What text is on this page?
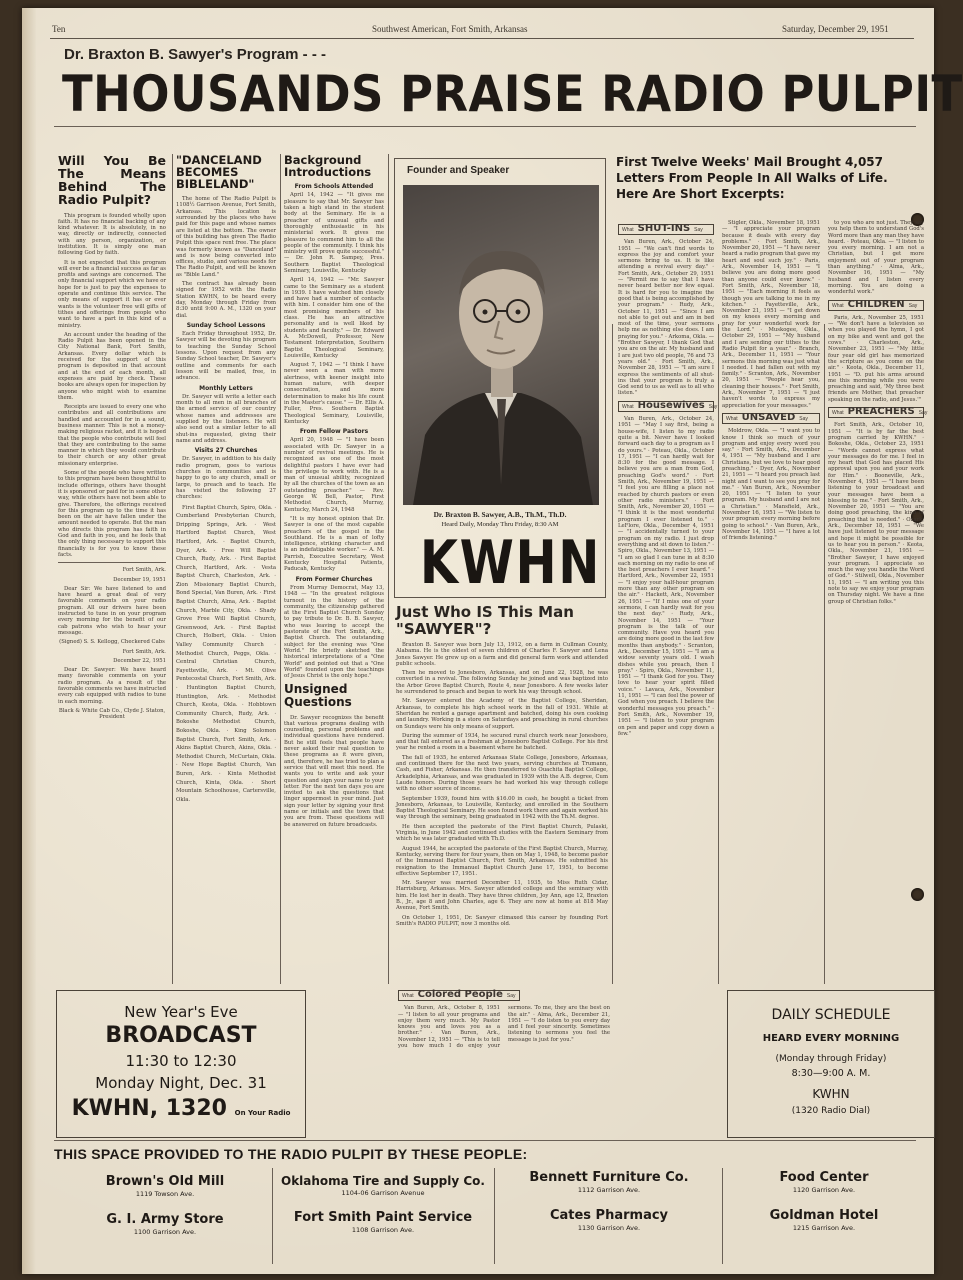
Ten	Southwest American, Fort Smith, Arkansas	Saturday, December 29, 1951
Dr. Braxton B. Sawyer's Program - - -
THOUSANDS PRAISE RADIO PULPIT
Will You Be The Means Behind The Radio Pulpit?

This program is founded wholly upon faith. It has no financial backing of any kind whatever. It is absolutely, in no way, directly or indirectly, connected with any person, organization, or institution. It is simply one man following God by faith.

It is not expected that this program will ever be a financial success as far as profits and savings are concerned. The only financial support which we have or hope for is just to pay the expenses to operate and continue this service. The only means of support it has or ever wants is the volunteer free will gifts of tithes and offerings from people who want to have a part in this kind of a ministry.

An account under the heading of the Radio Pulpit has been opened in the City National Bank, Fort Smith, Arkansas. Every dollar which is received for the support of this program is deposited in that account and at the end of each month, all expenses are paid by check. These books are always open for inspection by anyone who might wish to examine them.

Receipts are issued to every one who contributes and all contributions are handled and accounted for in a sound, business manner. This is not a money-making religious racket, and it is hoped that the people who contribute will feel that they are contributing to the same manner in which they would contribute to their church or any other great missionary enterprise.

Some of the people who have written to this program have been thoughtful to include offerings, others have thought it is sponsored or paid for in some other way, while others have not been able to give. Therefore, the offerings received for this program up to the time it has been on the air have fallen under the amount needed to operate. But the man who directs this program has faith in God and faith in you, and he feels that the only thing necessary to support this financially is for you to know these facts.

Fort Smith, Ark.

December 19, 1951

Dear Sir: We have listened to and have heard a great deal of very favorable comments on your radio program. All our drivers have been instructed to tune in on your program every morning for the benefit of our cab patrons who wish to hear your message.

(Signed) S. S. Kellogg, Checkered Cabs

Fort Smith, Ark.

December 22, 1951

Dear Dr. Sawyer: We have heard many favorable comments on your radio program. As a result of the favorable comments we have instructed every cab equipped with radios to tune in each morning.

Black & White Cab Co., Clyde J. Staton, President

"DANCELAND BECOMES BIBLELAND"

The home of The Radio Pulpit is 1108½ Garrison Avenue, Fort Smith, Arkansas. This location is surrounded by the places who have paid for this page and whose names are listed at the bottom. The owner of this building has given The Radio Pulpit this space rent free. The place was formerly known as "Danceland" and is now being converted into offices, studio, and various needs for The Radio Pulpit, and will be known as "Bible Land."

The contract has already been signed for 1952 with the Radio Station KWHN, to be heard every day, Monday through Friday from 8:30 until 9:00 A. M., 1320 on your dial.

Sunday School Lessons

Each Friday throughout 1952, Dr. Sawyer will be devoting his program to teaching the Sunday School lessons. Upon request from any Sunday School teacher, Dr. Sawyer's outline and comments for each lesson will be mailed, free, in advance.

Monthly Letters

Dr. Sawyer will write a letter each month to all men in all branches of the armed service of our country whose names and addresses are supplied by the listeners. He will also send out a similar letter to all shut-ins requested, giving their name and address.

Visits 27 Churches

Dr. Sawyer, in addition to his daily radio program, goes to various churches in communities and is happy to go to any church, small or large, to preach and to teach. He has visited the following 27 churches:

First Baptist Church, Spiro, Okla. · Cumberland Presbyterian Church, Dripping Springs, Ark. · West Hartford Baptist Church, West Hartford, Ark. · Baptist Church, Dyer, Ark. · Free Will Baptist Church, Rudy, Ark. · First Baptist Church, Hartford, Ark. · Vesta Baptist Church, Charleston, Ark. · Zion Missionary Baptist Church, Bond Special, Van Buren, Ark. · First Baptist Church, Alma, Ark. · Baptist Church, Marble City, Okla. · Shady Grove Free Will Baptist Church, Greenwood, Ark. · First Baptist Church, Holbert, Okla. · Union Valley Community Church · Methodist Church, Peggs, Okla. · Central Christian Church, Fayetteville, Ark. · Mt. Olive Pentecostal Church, Fort Smith, Ark. · Huntington Baptist Church, Huntington, Ark. · Methodist Church, Keota, Okla. · Hobbtown Community Church, Rudy, Ark. · Bokoshe Methodist Church, Bokoshe, Okla. · King Solomon Baptist Church, Fort Smith, Ark. · Akins Baptist Church, Akins, Okla. · Methodist Church, McCurtain, Okla. · New Hope Baptist Church, Van Buren, Ark. · Kinta Methodist Church, Kinta, Okla. · Short Mountain Schoolhouse, Cartersville, Okla.

Background Introductions
From Schools Attended

April 14, 1942 — "It gives me pleasure to say that Mr. Sawyer has taken a high stand in the student body at the Seminary. He is a preacher of unusual gifts and thoroughly enthusiastic in his ministerial work. It gives me pleasure to commend him to all the people of the community. I think his ministry will prove quite successful." — Dr. John R. Sampey, Pres. Southern Baptist Theological Seminary, Louisville, Kentucky

April 14, 1942 — "Mr. Sawyer came to the Seminary as a student in 1939. I have watched him closely and have had a number of contacts with him. I consider him one of the most promising members of his class. He has an attractive personality and is well liked by students and faculty." — Dr. Edward A. McDowell, Professor, New Testament Interpretation, Southern Baptist Theological Seminary, Louisville, Kentucky

August 7, 1942 — "I think I have never seen a man with more alertness, with keener insight into human nature, with deeper consecration, and more determination to make his life count in the Master's cause." — Dr. Ellis A. Fuller, Pres. Southern Baptist Theological Seminary, Louisville, Kentucky

From Fellow Pastors

April 20, 1948 — "I have been associated with Dr. Sawyer in a number of revival meetings. He is recognized as one of the most delightful pastors I have ever had the privilege to work with. He is a man of unusual ability, recognized by all the churches of the town as an outstanding preacher." — Rev. George W. Bell, Pastor, First Methodist Church, Murray, Kentucky, March 24, 1948

"It is my honest opinion that Dr. Sawyer is one of the most capable preachers of the gospel in the Southland. He is a man of lofty intelligence, striking character and is an indefatigable worker." — A. M. Parrish, Executive Secretary, West Kentucky Hospital Patients, Paducah, Kentucky

From Former Churches

From Murray Democrat, May 13, 1948 — "In the greatest religious turnout in the history of the community, the citizenship gathered at the First Baptist Church Sunday to pay tribute to Dr. B. B. Sawyer, who was leaving to accept the pastorate of the Fort Smith, Ark., Baptist Church. The outstanding subject for the evening was "One World." He briefly sketched the historical interpretations of a "One World" and pointed out that a "One World" founded upon the teachings of Jesus Christ is the only hope."

Unsigned Questions

Dr. Sawyer recognizes the benefit that various programs dealing with counseling, personal problems and individual questions have rendered. But he still feels that people have never asked their real question to these programs as it were given, and, therefore, he has tried to plan a service that will meet this need. He wants you to write and ask your question and sign your name to your letter. For the next ten days you are invited to ask the questions that linger uppermost in your mind. Just sign your letter by signing your first name or initials and the town that you are from. These questions will be answered on future broadcasts.

Founder and Speaker
Dr. Braxton B. Sawyer, A.B., Th.M., Th.D.
Heard Daily, Monday Thru Friday, 8:30 AM
KWHN
Just Who IS This Man "SAWYER"?

Braxton B. Sawyer was born July 13, 1912, on a farm in Cullman County, Alabama. He is the oldest of seven children of Charles F. Sawyer and Lena Jones Sawyer. He grew up on a farm and did general farm work and attended public schools.

Then he moved to Jonesboro, Arkansas, and on June 22, 1928, he was converted in a revival. The following Sunday he joined and was baptized into the Arbor Grove Baptist Church, Route 4, near Jonesboro. A few weeks later he surrendered to preach and began to work his way through school.

Mr. Sawyer entered the Academy of the Baptist College, Sheridan, Arkansas, to complete his high school work in the fall of 1931. While at Sheridan he rented a garage apartment and batched, doing his own cooking and laundry. Working in a store on Saturdays and preaching in rural churches on Sundays were his only means of support.

During the summer of 1934, he secured rural church work near Jonesboro, and that fall entered as a freshman at Jonesboro Baptist College. For his first year he rented a room in a basement where he batched.

The fall of 1935, he entered Arkansas State College, Jonesboro, Arkansas, and continued there for the next two years, serving churches at Trumann, Cash, and Fisher, Arkansas. He then transferred to Ouachita Baptist College, Arkadelphia, Arkansas, and was graduated in 1939 with the A.B. degree, Cum Laude honors. During those years he had worked his way through college with no other source of income.

September 1939, found him with $16.00 in cash, he bought a ticket from Jonesboro, Arkansas, to Louisville, Kentucky, and enrolled in the Southern Baptist Theological Seminary. He soon found work there and again worked his way through the seminary, being graduated in 1942 with the Th.M. degree.

He then accepted the pastorate of the First Baptist Church, Pulaski, Virginia, in June 1942 and continued studies with the Eastern Seminary from which he was later graduated with Th.D.

August 1944, he accepted the pastorate of the First Baptist Church, Murray, Kentucky, serving there for four years, then on May 1, 1948, to become pastor of the Immanuel Baptist Church, Fort Smith, Arkansas. He submitted his resignation to the Immanuel Baptist Church June 17, 1951, to become effective September 17, 1951.

Mr. Sawyer was married December 11, 1935, to Miss Ruth Cidar, Harrisburg, Arkansas. Mrs. Sawyer attended college and the seminary with him. He lost her in death. They have three children, Joy Ann, age 12, Braxton B., Jr., age 8 and John Charles, age 6. They are now at home at 818 May Avenue, Fort Smith.

On October 1, 1951, Dr. Sawyer climaxed this career by founding Fort Smith's RADIO PULPIT, now 3 months old.

First Twelve Weeks' Mail Brought 4,057 Letters From People In All Walks of Life. Here Are Short Excerpts:
What SHUT-INS Say

Van Buren, Ark., October 24, 1951 — "We can't find words to express the joy and comfort your sermons bring to us. It is like attending a revival every day." · Fort Smith, Ark., October 29, 1951 — "Permit me to say that I have never heard better nor few equal. It is hard for you to imagine the good that is being accomplished by your program." · Rudy, Ark., October 11, 1951 — "Since I am not able to get out and am in bed most of the time, your sermons help me as nothing else does. I am praying for you." · Arkoma, Okla. — "Brother Sawyer, I thank God that you are on the air. My husband and I are just two old people, 76 and 73 years old." · Fort Smith, Ark., November 28, 1951 — "I am sure I express the sentiments of all shut-ins that your program is truly a God send to us as well as to all who listen."

What Housewives Say

Van Buren, Ark., October 24, 1951 — "May I say first, being a house-wife, I listen to my radio quite a bit. Never have I looked forward each day to a program as I do yours." · Poteau, Okla., October 17, 1951 — "I can hardly wait for 8:30 for the good message. I believe you are a man from God, preaching God's word." · Fort Smith, Ark., November 19, 1951 — "I feel you are filling a place not reached by church pastors or even other radio ministers." · Fort Smith, Ark., November 20, 1951 — "I think it is the most wonderful program I ever listened to." · LeFlore, Okla., December 4, 1951 — "I accidentally turned to your program on my radio. I just drop everything and sit down to listen." · Spiro, Okla., November 13, 1951 — "I am so glad I can tune in at 8:30 each morning on my radio to one of the best preachers I ever heard." · Hartford, Ark., November 22, 1951 — "I enjoy your half-hour program more than any other program on the air." · Hackett, Ark., November 26, 1951 — "If I miss one of your sermons, I can hardly wait for you the next day." · Rudy, Ark., November 14, 1951 — "Your program is the talk of our community. Have you heard you are doing more good in the last few months than anybody." · Scranton, Ark., December 15, 1951 — "I am a widow seventy years old. I wash dishes while you preach, then I pray." · Spiro, Okla., November 11, 1951 — "I thank God for you. They love to hear your spirit filled voice." · Lavaca, Ark., November 11, 1951 — "I can feel the power of God when you preach. I believe the wonderful messages you preach." · Fort Smith, Ark., November 19, 1951 — "I listen to your program on pen and paper and copy down a few."

Stigler, Okla., November 18, 1951 — "I appreciate your program because it deals with every day problems." · Fort Smith, Ark., November 20, 1951 — "I have never heard a radio program that gave my heart and soul such joy." · Paris, Ark., November 14, 1951 — "I believe you are doing more good than anyone could ever know." · Fort Smith, Ark., November 18, 1951 — "Each morning it feels as though you are talking to me in my kitchen." · Fayetteville, Ark., November 21, 1951 — "I get down on my knees every morning and pray for your wonderful work for the Lord." · Muskogee, Okla., October 29, 1951 — "My husband and I are sending our tithes to the Radio Pulpit for a year." · Branch, Ark., December 11, 1951 — "Your sermons this morning was just what I needed. I had fallen out with my family." · Scranton, Ark., November 20, 1951 — "People hear you, cleaning their houses." · Fort Smith, Ark., November 7, 1951 — "I just haven't words to express my appreciation for your messages."

What UNSAVED Say

Moldrow, Okla. — "I want you to know I think so much of your program and enjoy every word you say." · Fort Smith, Ark., December 4, 1951 — "My husband and I are Christians, but we love to hear good preaching." · Dyer, Ark., November 21, 1951 — "I heard you preach last night and I want to see you pray for me." · Van Buren, Ark., November 20, 1951 — "I listen to your program. My husband and I are not a Christian." · Mansfield, Ark., November 16, 1951 — "We listen to your program every morning before going to school." · Van Buren, Ark., November 14, 1951 — "I have a lot of friends listening."

to you who are not just. They say you help them to understand God's Word more than any man they have heard. · Poteau, Okla. — "I listen to you every morning. I am not a Christian, but I get more enjoyment out of your program than anything." · Alma, Ark., November 16, 1951 — "My husband and I listen every morning. You are doing a wonderful work."

What CHILDREN Say

Paris, Ark., November 25, 1951 — "We don't have a television so when you played the hymn, I got on my bike and went and got the cows." · Charleston, Ark., November 23, 1951 — "My little four year old girl has memorized the scripture as you come on the air." · Keota, Okla., December 11, 1951 — "D. put his arms around me this morning while you were preaching and said, 'My three best friends are Mother, that preacher speaking on the radio, and Jesus.'"

What PREACHERS Say

Fort Smith, Ark., October 10, 1951 — "It is by far the best program carried by KWHN." · Bokoshe, Okla., October 23, 1951 — "Words cannot express what your messages do for me. I feel in my heart that God has placed His approval upon you and your work for Him." · Booneville, Ark., November 4, 1951 — "I have been listening to your broadcast and your messages have been a blessing to me." · Fort Smith, Ark., November 20, 1951 — "You are doing good preaching, the kind of preaching that is needed." · Ozark, Ark., December 18, 1951 — "We have just listened to your message and hope it might be possible for us to hear you in person." · Keota, Okla., November 21, 1951 — "Brother Sawyer, I have enjoyed your program. I appreciate so much the way you handle the Word of God." · Stilwell, Okla., November 11, 1951 — "I am writing you this note to say we enjoy your program on Thursday night. We have a fine group of Christian folks."

What Colored People Say

Van Buren, Ark., October 8, 1951 — "I listen to all your programs and enjoy them very much. My Pastor knows you and loves you as a brother." · Van Buren, Ark., November 12, 1951 — "This is to tell you how much I do enjoy your sermons. To me, they are the best on the air." · Alma, Ark., December 21, 1951 — "I do listen to you every day and I feel your sincerity. Sometimes listening to sermons you feel the message is just for you."

New Year's Eve
BROADCAST
11:30 to 12:30
Monday Night, Dec. 31
KWHN, 1320 On Your Radio
DAILY SCHEDULE
HEARD EVERY MORNING
(Monday through Friday)
8:30—9:00 A. M.
KWHN
(1320 Radio Dial)
THIS SPACE PROVIDED TO THE RADIO PULPIT BY THESE PEOPLE:
Brown's Old Mill
1119 Towson Ave.
Oklahoma Tire and Supply Co.
1104-06 Garrison Avenue
Bennett Furniture Co.
1112 Garrison Ave.
Food Center
1120 Garrison Ave.
G. I. Army Store
1100 Garrison Ave.
Fort Smith Paint Service
1108 Garrison Ave.
Cates Pharmacy
1130 Garrison Ave.
Goldman Hotel
1215 Garrison Ave.
